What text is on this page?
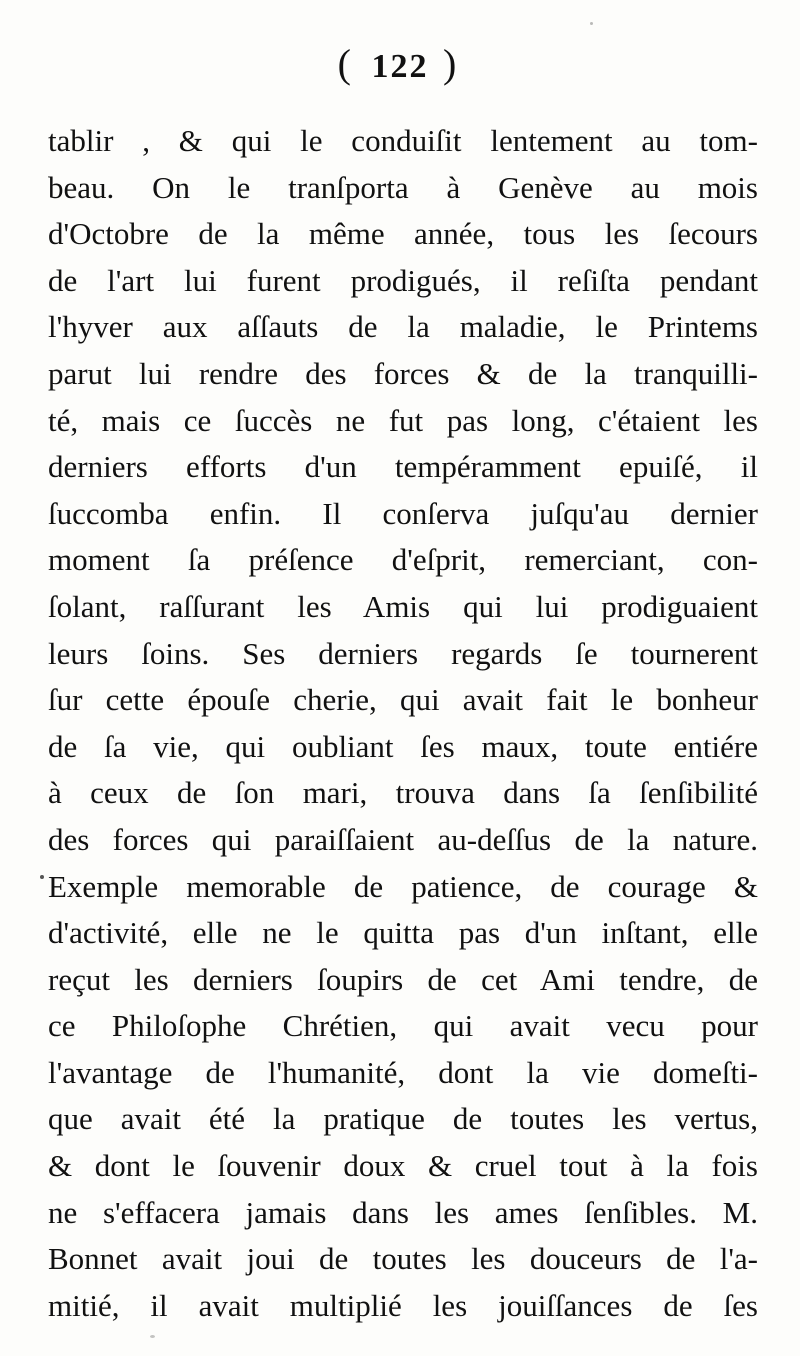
( 122 )
tablir , & qui le conduiſit lentement au tom-
beau. On le tranſporta à Genève au mois
d'Octobre de la même année, tous les ſecours
de l'art lui furent prodigués, il reſiſta pendant
l'hyver aux aſſauts de la maladie, le Printems
parut lui rendre des forces & de la tranquilli-
té, mais ce ſuccès ne fut pas long, c'étaient les
derniers efforts d'un tempéramment epuiſé, il
ſuccomba enfin. Il conſerva juſqu'au dernier
moment ſa préſence d'eſprit, remerciant, con-
ſolant, raſſurant les Amis qui lui prodiguaient
leurs ſoins. Ses derniers regards ſe tournerent
ſur cette épouſe cherie, qui avait fait le bonheur
de ſa vie, qui oubliant ſes maux, toute entiére
à ceux de ſon mari, trouva dans ſa ſenſibilité
des forces qui paraiſſaient au-deſſus de la nature.
Exemple memorable de patience, de courage &
d'activité, elle ne le quitta pas d'un inſtant, elle
reçut les derniers ſoupirs de cet Ami tendre, de
ce Philoſophe Chrétien, qui avait vecu pour
l'avantage de l'humanité, dont la vie domeſti-
que avait été la pratique de toutes les vertus,
& dont le ſouvenir doux & cruel tout à la fois
ne s'effacera jamais dans les ames ſenſibles. M.
Bonnet avait joui de toutes les douceurs de l'a-
mitié, il avait multiplié les jouiſſances de ſes
